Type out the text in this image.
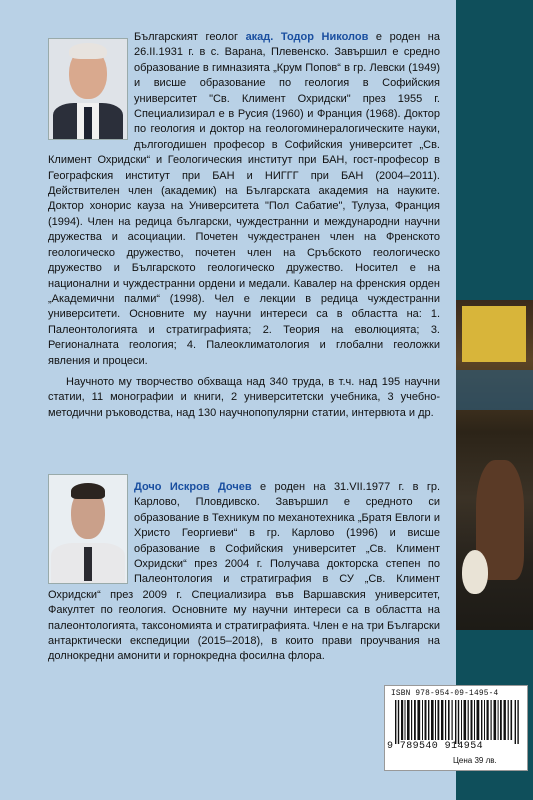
Българският геолог акад. Тодор Николов е роден на 26.II.1931 г. в с. Варана, Плевенско. Завършил е средно образование в гимназията „Крум Попов“ в гр. Левски (1949) и висше образование по геология в Софийския университет "Св. Климент Охридски" през 1955 г. Специализирал е в Русия (1960) и Франция (1968). Доктор по геология и доктор на геологоминералогическите науки, дългогодишен професор в Софийския университет „Св. Климент Охридски“ и Геологическия институт при БАН, гост-професор в Географския институт при БАН и НИГГГ при БАН (2004–2011). Действителен член (академик) на Българската академия на науките. Доктор хонорис кауза на Университета "Пол Сабатие", Тулуза, Франция (1994). Член на редица български, чуждестранни и международни научни дружества и асоциации. Почетен чуждестранен член на Френското геологическо дружество, почетен член на Сръбското геологическо дружество и Българското геологическо дружество. Носител е на национални и чуждестранни ордени и медали. Кавалер на френския орден „Академични палми“ (1998). Чел е лекции в редица чуждестранни университети. Основните му научни интереси са в областта на: 1. Палеонтологията и стратиграфията; 2. Теория на еволюцията; 3. Регионалната геология; 4. Палеоклиматология и глобални геоложки явления и процеси.

Научното му творчество обхваща над 340 труда, в т.ч. над 195 научни статии, 11 монографии и книги, 2 университетски учебника, 3 учебно-методични ръководства, над 130 научнопопулярни статии, интервюта и др.

Дочо Искров Дочев е роден на 31.VII.1977 г. в гр. Карлово, Пловдивско. Завършил е средното си образование в Техникум по механотехника „Братя Евлоги и Христо Георгиеви“ в гр. Карлово (1996) и висше образование в Софийския университет „Св. Климент Охридски“ през 2004 г. Получава докторска степен по Палеонтология и стратиграфия в СУ „Св. Климент Охридски“ през 2009 г. Специализира във Варшавския университет, Факултет по геология. Основните му научни интереси са в областта на палеонтологията, таксономията и стратиграфията. Член е на три Български антарктически експедиции (2015–2018), в които прави проучвания на долнокредни амонити и горнокредна фосилна флора.

ISBN 978-954-09-1495-4
9 789540 914954
Цена 39 лв.
